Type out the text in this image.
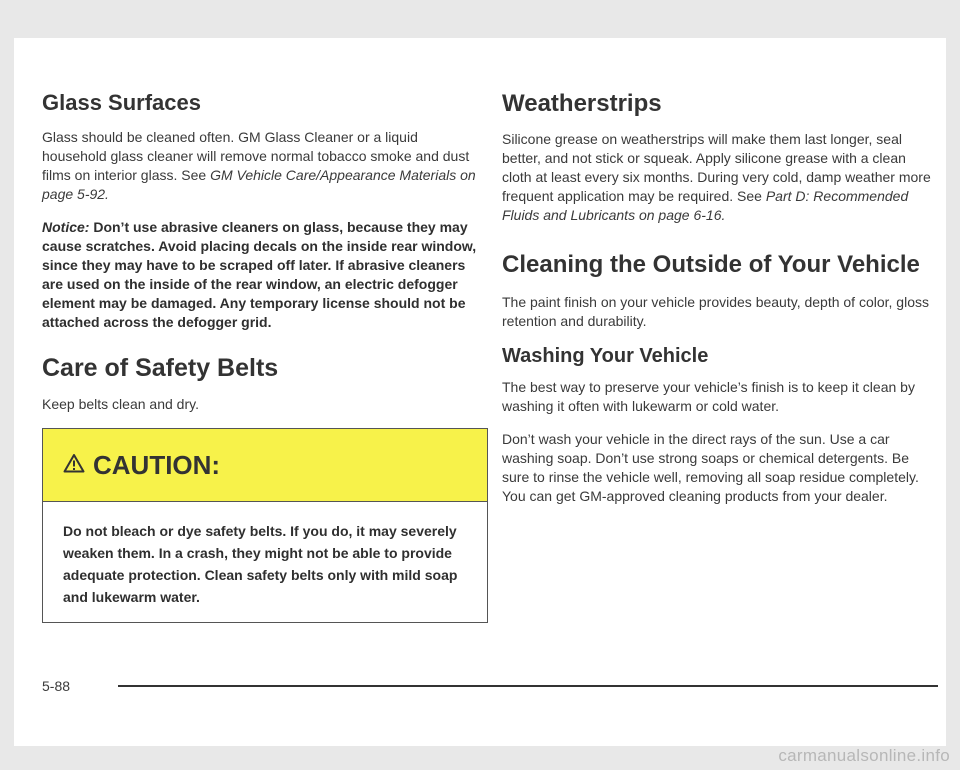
Glass Surfaces

Glass should be cleaned often. GM Glass Cleaner or a liquid household glass cleaner will remove normal tobacco smoke and dust films on interior glass. See GM Vehicle Care/Appearance Materials on page 5-92.

Notice: Don’t use abrasive cleaners on glass, because they may cause scratches. Avoid placing decals on the inside rear window, since they may have to be scraped off later. If abrasive cleaners are used on the inside of the rear window, an electric defogger element may be damaged. Any temporary license should not be attached across the defogger grid.

Care of Safety Belts

Keep belts clean and dry.

CAUTION:
Do not bleach or dye safety belts. If you do, it may severely weaken them. In a crash, they might not be able to provide adequate protection. Clean safety belts only with mild soap and lukewarm water.
Weatherstrips

Silicone grease on weatherstrips will make them last longer, seal better, and not stick or squeak. Apply silicone grease with a clean cloth at least every six months. During very cold, damp weather more frequent application may be required. See Part D: Recommended Fluids and Lubricants on page 6-16.

Cleaning the Outside of Your Vehicle

The paint finish on your vehicle provides beauty, depth of color, gloss retention and durability.

Washing Your Vehicle

The best way to preserve your vehicle’s finish is to keep it clean by washing it often with lukewarm or cold water.

Don’t wash your vehicle in the direct rays of the sun. Use a car washing soap. Don’t use strong soaps or chemical detergents. Be sure to rinse the vehicle well, removing all soap residue completely. You can get GM-approved cleaning products from your dealer.

5-88
carmanualsonline.info
